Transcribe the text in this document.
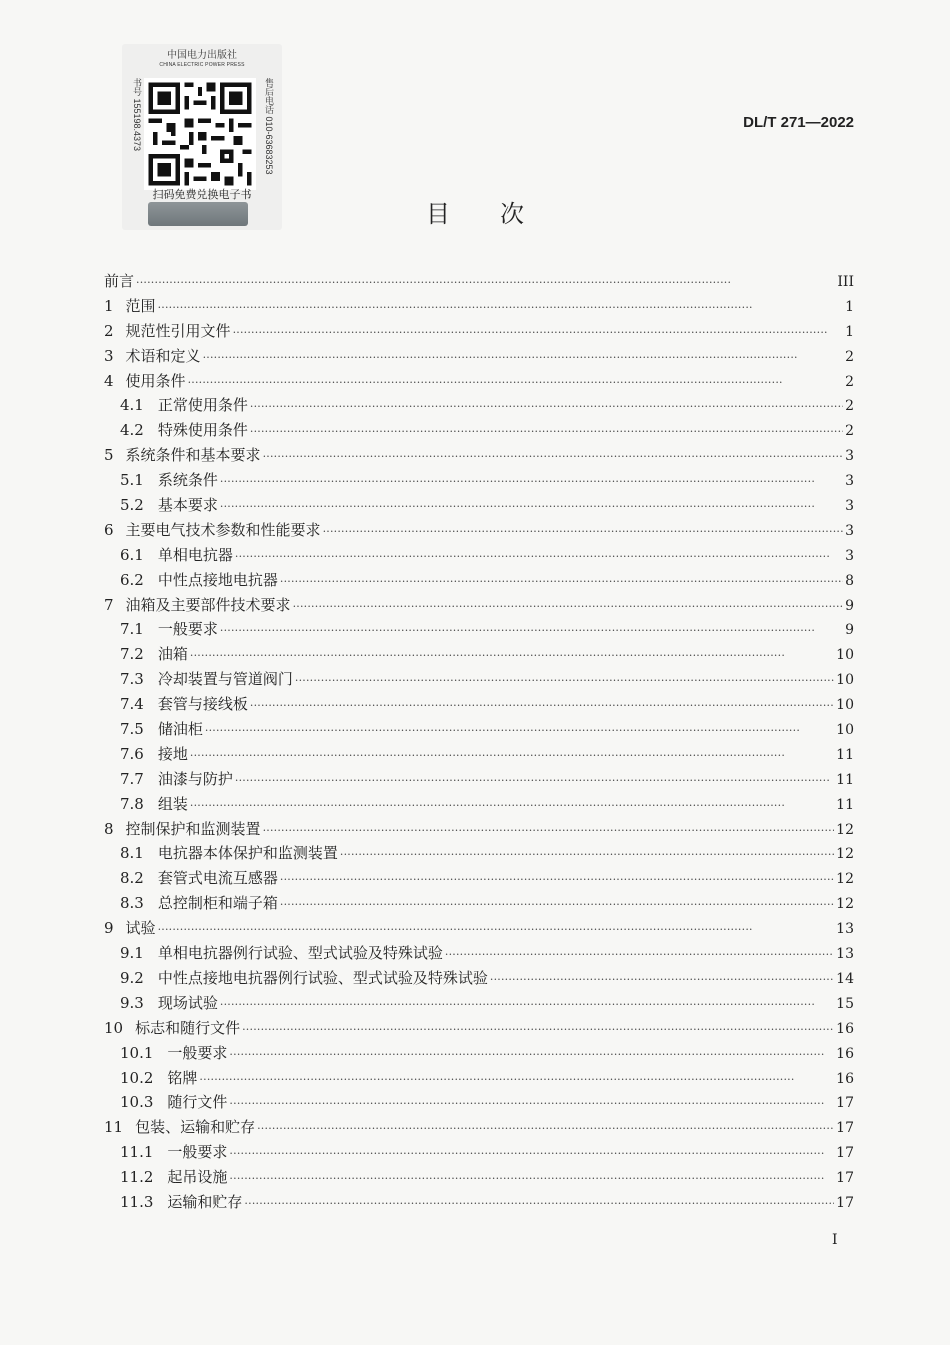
中国电力出版社
CHINA ELECTRIC POWER PRESS
书号 155198.4373	售后电话 010-63683253
扫码免费兑换电子书
DL/T 271—2022
目次
前言 ·····	III
1 范围 ·····	1
2 规范性引用文件 ·····	1
3 术语和定义 ·····	2
4 使用条件 ·····	2
4.1 正常使用条件 ·····	2
4.2 特殊使用条件 ·····	2
5 系统条件和基本要求 ·····	3
5.1 系统条件 ·····	3
5.2 基本要求 ·····	3
6 主要电气技术参数和性能要求 ·····	3
6.1 单相电抗器 ·····	3
6.2 中性点接地电抗器 ·····	8
7 油箱及主要部件技术要求 ·····	9
7.1 一般要求 ·····	9
7.2 油箱 ·····	10
7.3 冷却装置与管道阀门 ·····	10
7.4 套管与接线板 ·····	10
7.5 储油柜 ·····	10
7.6 接地 ·····	11
7.7 油漆与防护 ·····	11
7.8 组装 ·····	11
8 控制保护和监测装置 ·····	12
8.1 电抗器本体保护和监测装置 ·····	12
8.2 套管式电流互感器 ·····	12
8.3 总控制柜和端子箱 ·····	12
9 试验 ·····	13
9.1 单相电抗器例行试验、型式试验及特殊试验 ·····	13
9.2 中性点接地电抗器例行试验、型式试验及特殊试验 ·····	14
9.3 现场试验 ·····	15
10 标志和随行文件 ·····	16
10.1 一般要求 ·····	16
10.2 铭牌 ·····	16
10.3 随行文件 ·····	17
11 包装、运输和贮存 ·····	17
11.1 一般要求 ·····	17
11.2 起吊设施 ·····	17
11.3 运输和贮存 ·····	17
I
